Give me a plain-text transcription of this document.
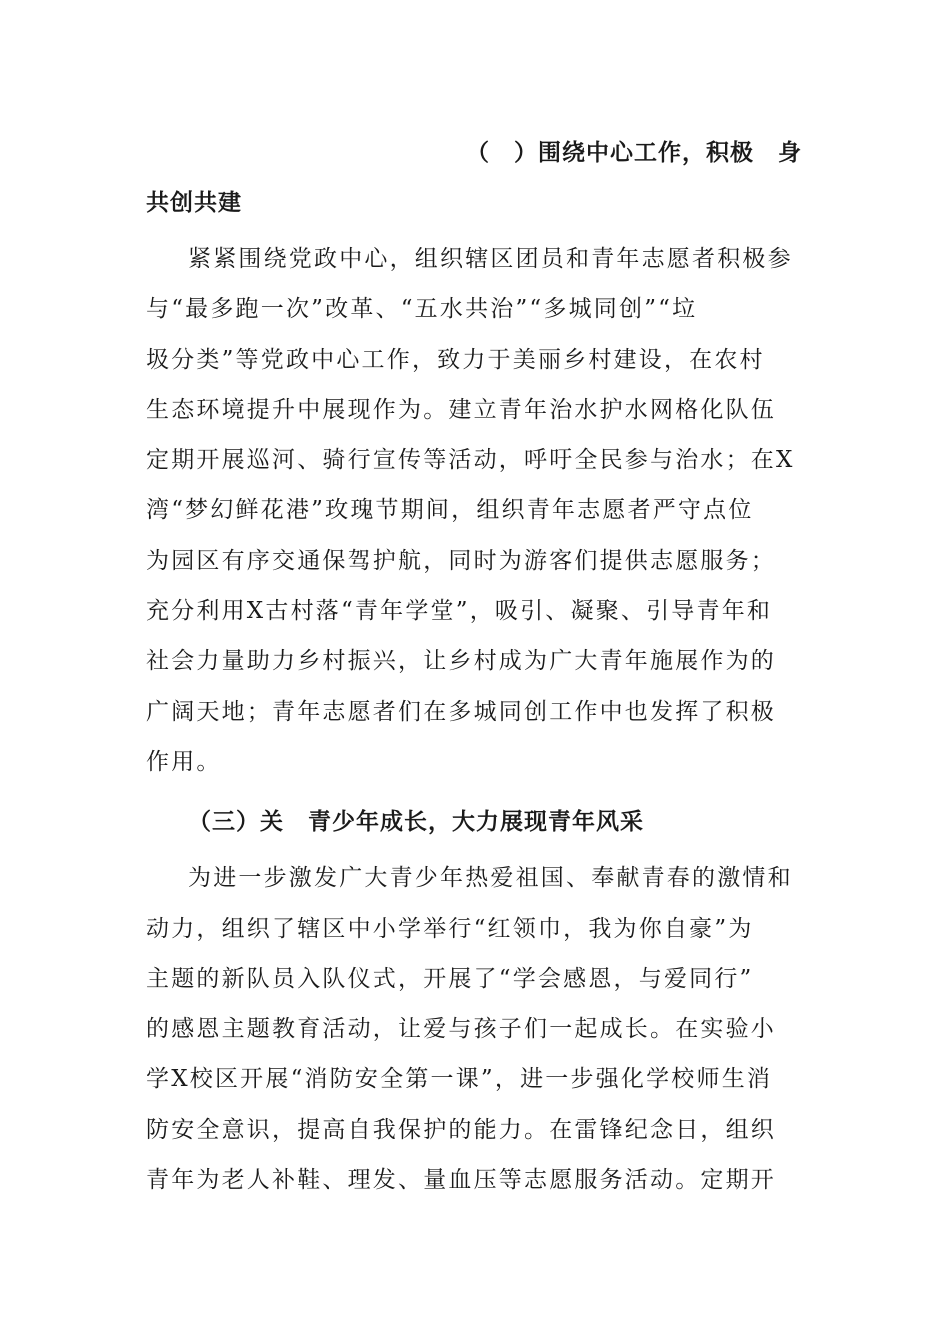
（　）围绕中心工作，积极　身
共创共建
紧紧围绕党政中心，组织辖区团员和青年志愿者积极参
与“最多跑一次”改革、“五水共治”“多城同创”“垃
圾分类”等党政中心工作，致力于美丽乡村建设，在农村
生态环境提升中展现作为。建立青年治水护水网格化队伍
定期开展巡河、骑行宣传等活动，呼吁全民参与治水；在X
湾“梦幻鲜花港”玫瑰节期间，组织青年志愿者严守点位
为园区有序交通保驾护航，同时为游客们提供志愿服务；
充分利用X古村落“青年学堂”，吸引、凝聚、引导青年和
社会力量助力乡村振兴，让乡村成为广大青年施展作为的
广阔天地；青年志愿者们在多城同创工作中也发挥了积极
作用。
（三）关　青少年成长，大力展现青年风采
为进一步激发广大青少年热爱祖国、奉献青春的激情和
动力，组织了辖区中小学举行“红领巾，我为你自豪”为
主题的新队员入队仪式，开展了“学会感恩，与爱同行”
的感恩主题教育活动，让爱与孩子们一起成长。在实验小
学X校区开展“消防安全第一课”，进一步强化学校师生消
防安全意识，提高自我保护的能力。在雷锋纪念日，组织
青年为老人补鞋、理发、量血压等志愿服务活动。定期开
